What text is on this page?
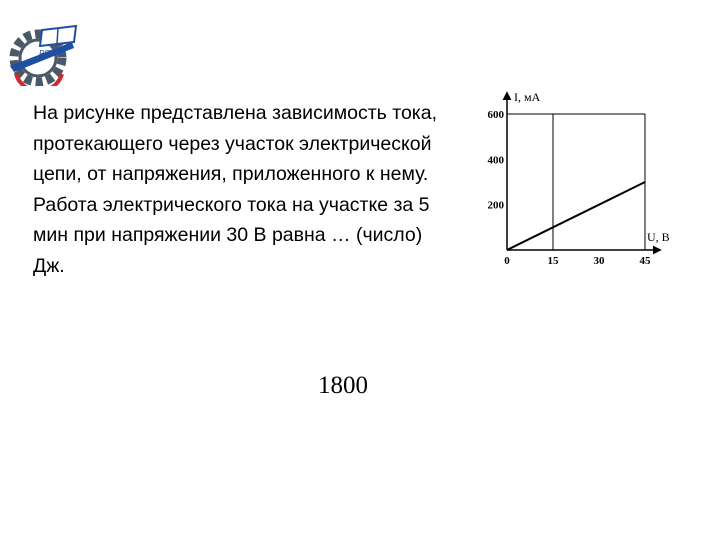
РГУПС

На рисунке представлена зависимость тока, протекающего через участок электрической цепи, от напряжения, приложенного к нему.

Работа электрического тока на участке за 5 мин при напряжении 30 В равна … (число) Дж.

I, мА
U, В
0	15	30	45
200
400
600
1800
